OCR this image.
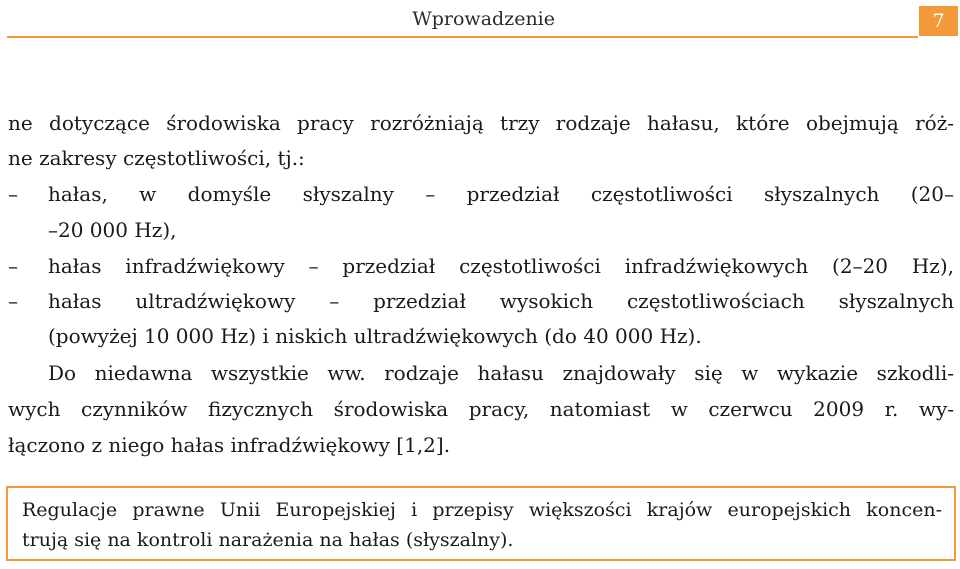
Wprowadzenie	7
ne dotyczące środowiska pracy rozróżniają trzy rodzaje hałasu, które obejmują róż-
ne zakresy częstotliwości, tj.:
– hałas, w domyśle słyszalny – przedział częstotliwości słyszalnych (20–
–20 000 Hz),
– hałas infradźwiękowy – przedział częstotliwości infradźwiękowych (2–20 Hz),
– hałas ultradźwiękowy – przedział wysokich częstotliwościach słyszalnych
(powyżej 10 000 Hz) i niskich ultradźwiękowych (do 40 000 Hz).
Do niedawna wszystkie ww. rodzaje hałasu znajdowały się w wykazie szkodli-
wych czynników fizycznych środowiska pracy, natomiast w czerwcu 2009 r. wy-
łączono z niego hałas infradźwiękowy [1,2].
Regulacje prawne Unii Europejskiej i przepisy większości krajów europejskich koncen-
trują się na kontroli narażenia na hałas (słyszalny).
